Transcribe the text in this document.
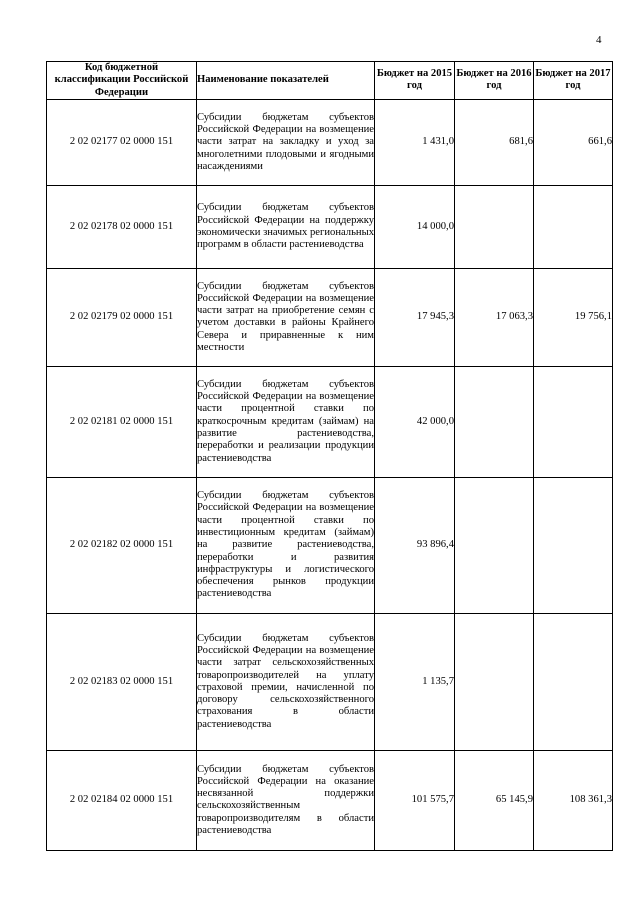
4
Код бюджетной классификации Российской Федерации	Наименование показателей	Бюджет на 2015 год	Бюджет на 2016 год	Бюджет на 2017 год
2 02 02177 02 0000 151	Субсидии бюджетам субъектов Российской Федерации на возмещение части затрат на закладку и уход за многолетними плодовыми и ягодными насаждениями	1 431,0	681,6	661,6
2 02 02178 02 0000 151	Субсидии бюджетам субъектов Российской Федерации на поддержку экономически значимых региональных программ в области растениеводства	14 000,0		
2 02 02179 02 0000 151	Субсидии бюджетам субъектов Российской Федерации на возмещение части затрат на приобретение семян с учетом доставки в районы Крайнего Севера и приравненные к ним местности	17 945,3	17 063,3	19 756,1
2 02 02181 02 0000 151	Субсидии бюджетам субъектов Российской Федерации на возмещение части процентной ставки по краткосрочным кредитам (займам) на развитие растениеводства, переработки и реализации продукции растениеводства	42 000,0		
2 02 02182 02 0000 151	Субсидии бюджетам субъектов Российской Федерации на возмещение части процентной ставки по инвестиционным кредитам (займам) на развитие растениеводства, переработки и развития инфраструктуры и логистического обеспечения рынков продукции растениеводства	93 896,4		
2 02 02183 02 0000 151	Субсидии бюджетам субъектов Российской Федерации на возмещение части затрат сельскохозяйственных товаропроизводителей на уплату страховой премии, начисленной по договору сельскохозяйственного страхования в области растениеводства	1 135,7		
2 02 02184 02 0000 151	Субсидии бюджетам субъектов Российской Федерации на оказание несвязанной поддержки сельскохозяйственным товаропроизводителям в области растениеводства	101 575,7	65 145,9	108 361,3
